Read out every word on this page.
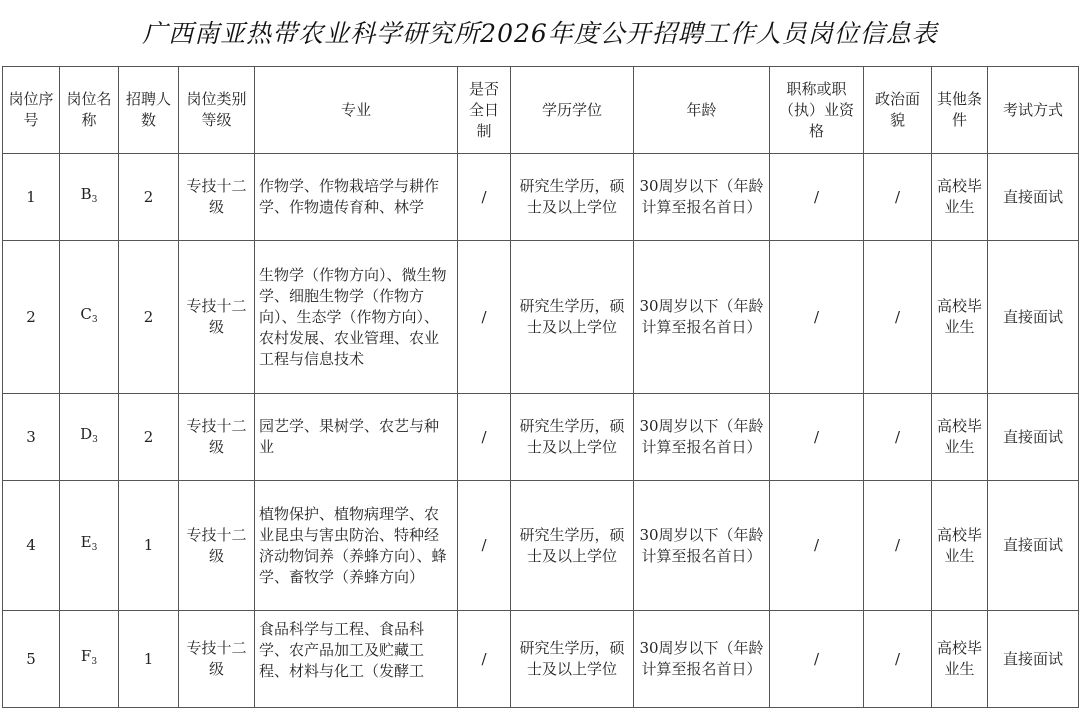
广西南亚热带农业科学研究所2026年度公开招聘工作人员岗位信息表
岗位序号	岗位名称	招聘人数	岗位类别等级	专业	是否全日制	学历学位	年龄	职称或职（执）业资格	政治面貌	其他条件	考试方式
1	$B_3$	2	专技十二级	作物学、作物栽培学与耕作学、作物遗传育种、林学	/	研究生学历，硕士及以上学位	30周岁以下（年龄计算至报名首日）	/	/	高校毕业生	直接面试
2	$C_3$	2	专技十二级	生物学（作物方向）、微生物学、细胞生物学（作物方向）、生态学（作物方向）、农村发展、农业管理、农业工程与信息技术	/	研究生学历，硕士及以上学位	30周岁以下（年龄计算至报名首日）	/	/	高校毕业生	直接面试
3	$D_3$	2	专技十二级	园艺学、果树学、农艺与种业	/	研究生学历，硕士及以上学位	30周岁以下（年龄计算至报名首日）	/	/	高校毕业生	直接面试
4	$E_3$	1	专技十二级	植物保护、植物病理学、农业昆虫与害虫防治、特种经济动物饲养（养蜂方向）、蜂学、畜牧学（养蜂方向）	/	研究生学历，硕士及以上学位	30周岁以下（年龄计算至报名首日）	/	/	高校毕业生	直接面试
5	$F_3$	1	专技十二级	食品科学与工程、食品科学、农产品加工及贮藏工程、材料与化工（发酵工	/	研究生学历，硕士及以上学位	30周岁以下（年龄计算至报名首日）	/	/	高校毕业生	直接面试
